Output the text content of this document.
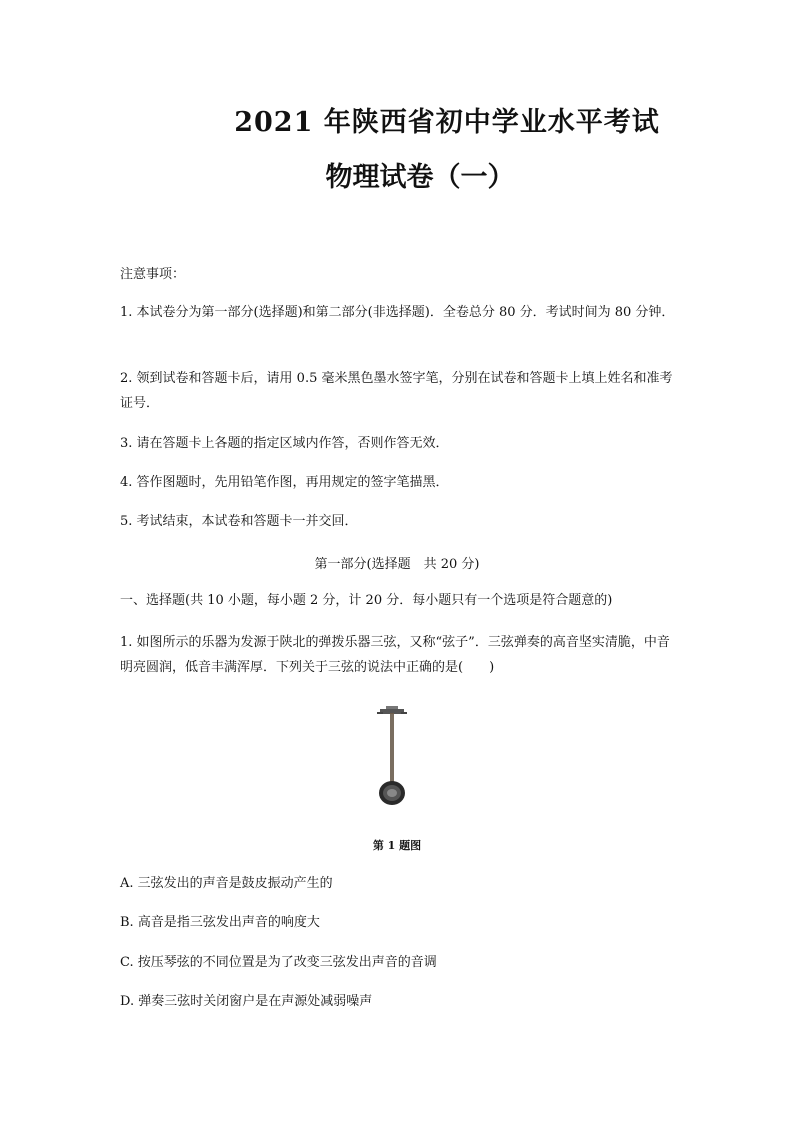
2021 年陕西省初中学业水平考试
物理试卷（一）
注意事项：
1. 本试卷分为第一部分(选择题)和第二部分(非选择题)．全卷总分 80 分．考试时间为 80 分钟．
2. 领到试卷和答题卡后，请用 0.5 毫米黑色墨水签字笔，分别在试卷和答题卡上填上姓名和准考证号．
3. 请在答题卡上各题的指定区域内作答，否则作答无效．
4. 答作图题时，先用铅笔作图，再用规定的签字笔描黑．
5. 考试结束，本试卷和答题卡一并交回．
第一部分(选择题　共 20 分)
一、选择题(共 10 小题，每小题 2 分，计 20 分．每小题只有一个选项是符合题意的)
1. 如图所示的乐器为发源于陕北的弹拨乐器三弦，又称“弦子”．三弦弹奏的高音坚实清脆，中音明亮圆润，低音丰满浑厚．下列关于三弦的说法中正确的是(　　)
第 1 题图
A. 三弦发出的声音是鼓皮振动产生的
B. 高音是指三弦发出声音的响度大
C. 按压琴弦的不同位置是为了改变三弦发出声音的音调
D. 弹奏三弦时关闭窗户是在声源处减弱噪声
